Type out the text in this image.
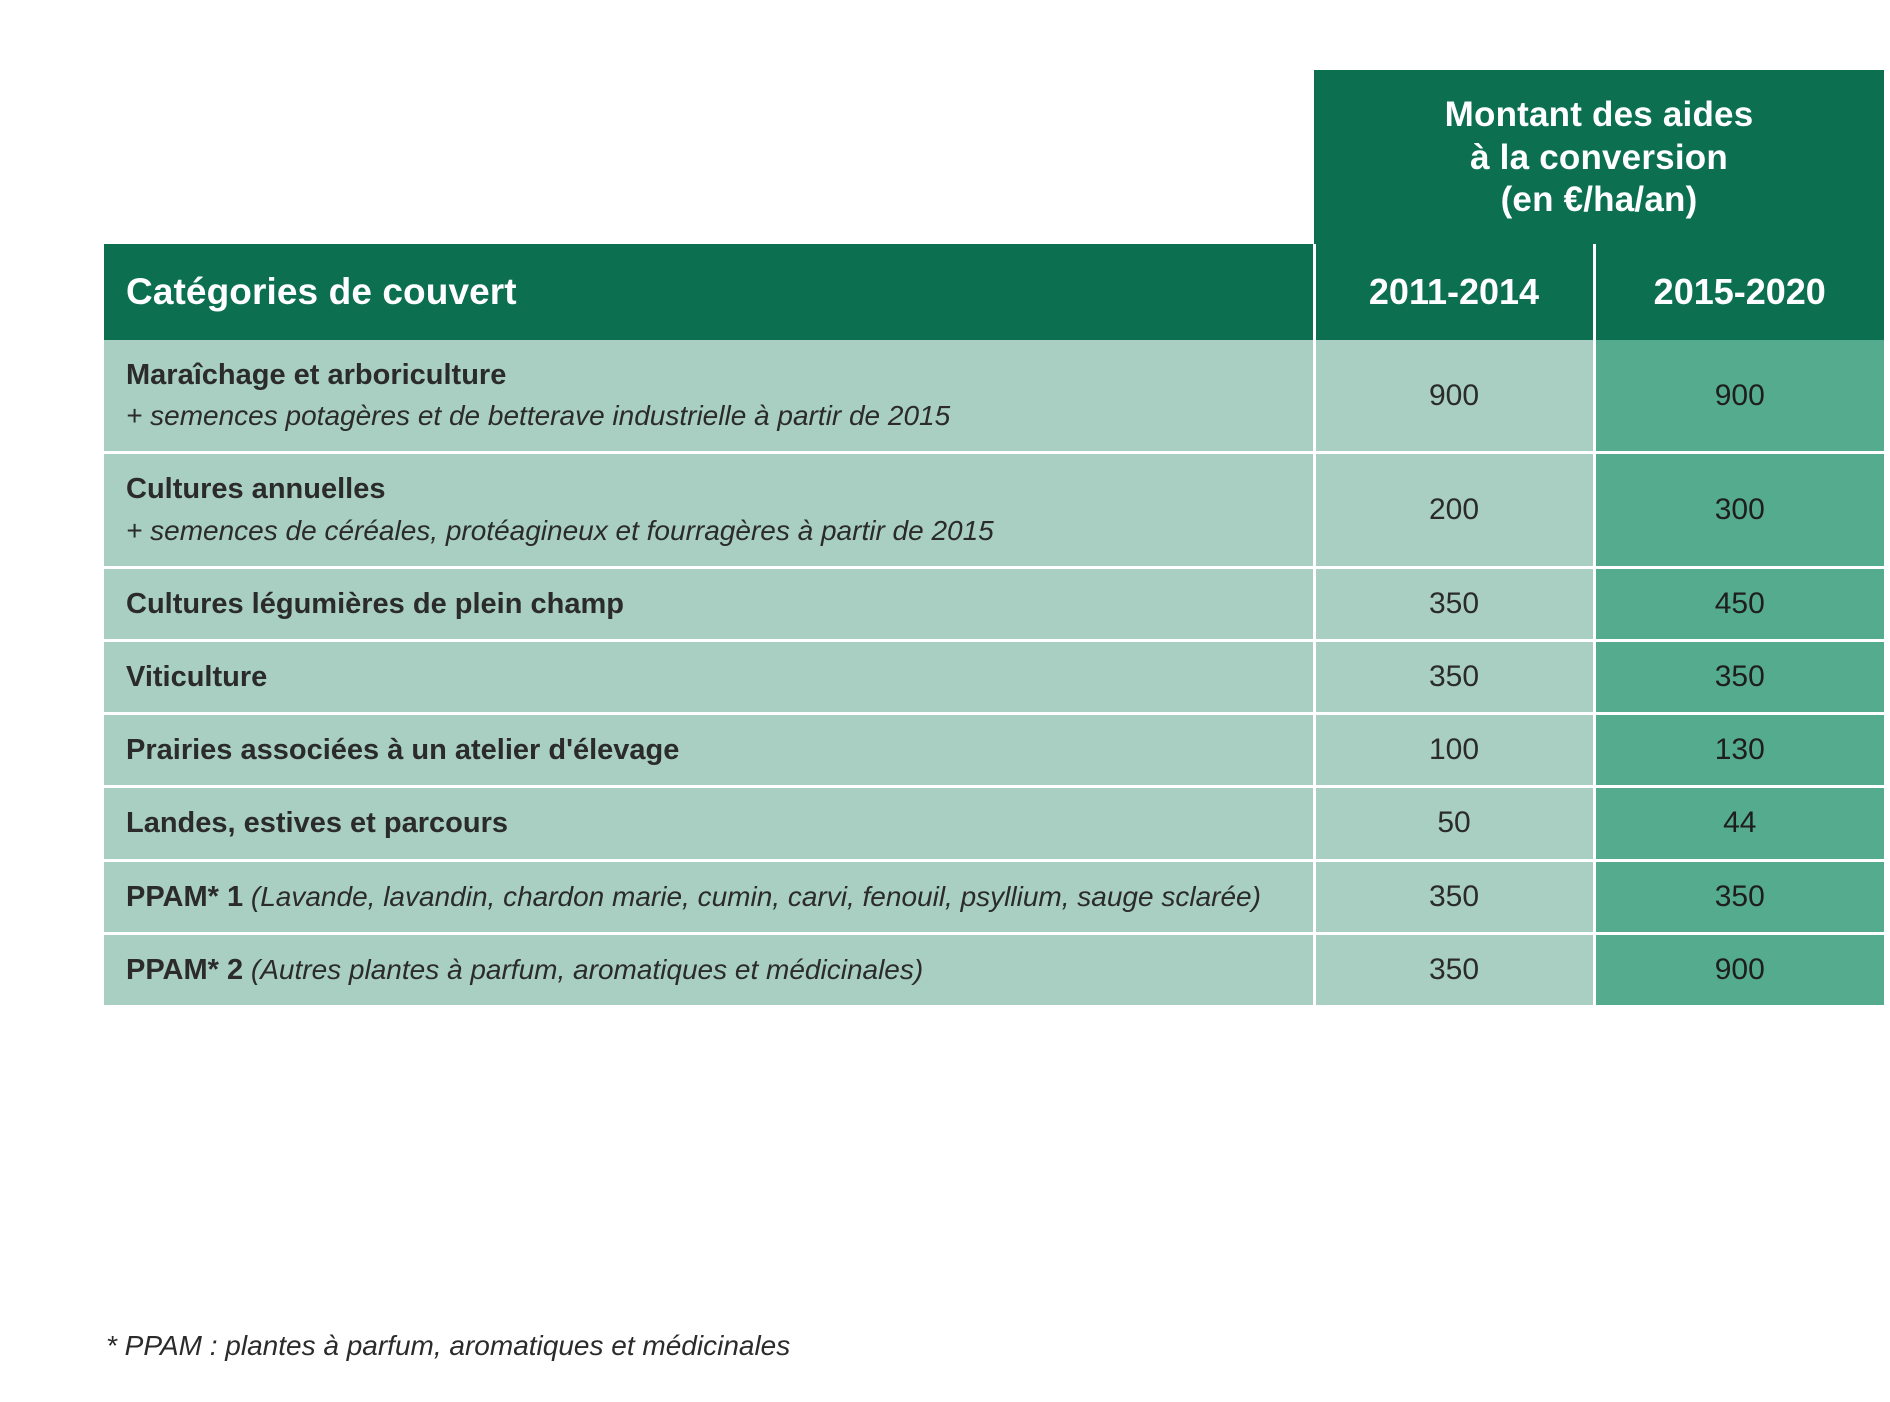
	Montant des aides
à la conversion
(en €/ha/an)	
Catégories de couvert	2011-2014	2015-2020
Maraîchage et arboriculture
+ semences potagères et de betterave industrielle à partir de 2015	900	900
Cultures annuelles
+ semences de céréales, protéagineux et fourragères à partir de 2015	200	300
Cultures légumières de plein champ	350	450
Viticulture	350	350
Prairies associées à un atelier d'élevage	100	130
Landes, estives et parcours	50	44

PPAM* 1 (Lavande, lavandin, chardon marie, cumin, carvi, fenouil, psyllium, sauge sclarée)	350	350
PPAM* 2 (Autres plantes à parfum, aromatiques et médicinales)	350	900
* PPAM : plantes à parfum, aromatiques et médicinales
